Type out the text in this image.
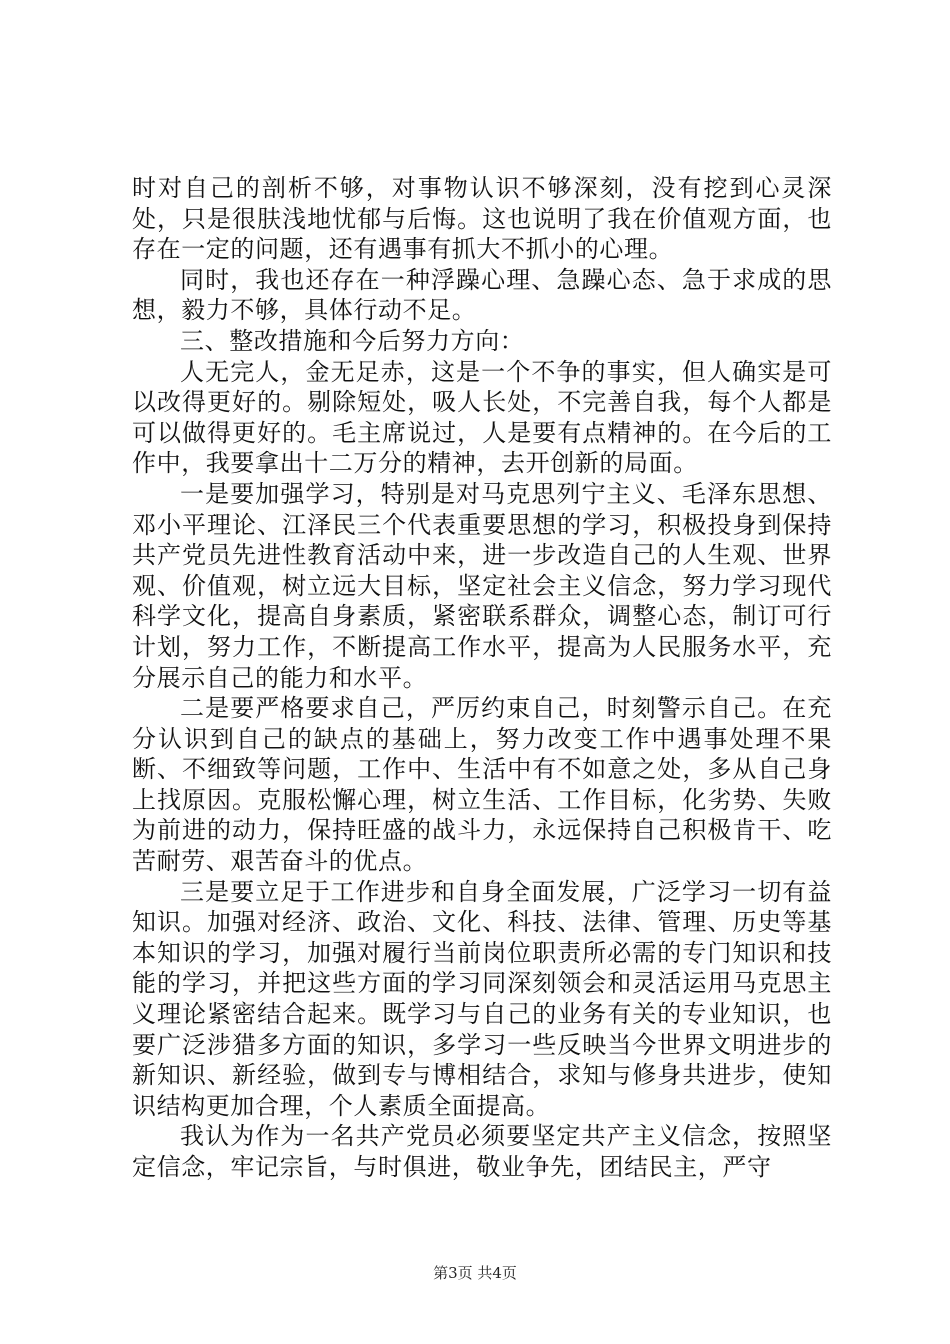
时对自己的剖析不够，对事物认识不够深刻，没有挖到心灵深处，只是很肤浅地忧郁与后悔。这也说明了我在价值观方面，也存在一定的问题，还有遇事有抓大不抓小的心理。

同时，我也还存在一种浮躁心理、急躁心态、急于求成的思想，毅力不够，具体行动不足。

三、整改措施和今后努力方向：

人无完人，金无足赤，这是一个不争的事实，但人确实是可以改得更好的。剔除短处，吸人长处，不完善自我，每个人都是可以做得更好的。毛主席说过，人是要有点精神的。在今后的工作中，我要拿出十二万分的精神，去开创新的局面。

一是要加强学习，特别是对马克思列宁主义、毛泽东思想、邓小平理论、江泽民三个代表重要思想的学习，积极投身到保持共产党员先进性教育活动中来，进一步改造自己的人生观、世界观、价值观，树立远大目标，坚定社会主义信念，努力学习现代科学文化，提高自身素质，紧密联系群众，调整心态，制订可行计划，努力工作，不断提高工作水平，提高为人民服务水平，充分展示自己的能力和水平。

二是要严格要求自己，严厉约束自己，时刻警示自己。在充分认识到自己的缺点的基础上，努力改变工作中遇事处理不果断、不细致等问题，工作中、生活中有不如意之处，多从自己身上找原因。克服松懈心理，树立生活、工作目标，化劣势、失败为前进的动力，保持旺盛的战斗力，永远保持自己积极肯干、吃苦耐劳、艰苦奋斗的优点。

三是要立足于工作进步和自身全面发展，广泛学习一切有益知识。加强对经济、政治、文化、科技、法律、管理、历史等基本知识的学习，加强对履行当前岗位职责所必需的专门知识和技能的学习，并把这些方面的学习同深刻领会和灵活运用马克思主义理论紧密结合起来。既学习与自己的业务有关的专业知识，也要广泛涉猎多方面的知识，多学习一些反映当今世界文明进步的新知识、新经验，做到专与博相结合，求知与修身共进步，使知识结构更加合理，个人素质全面提高。

我认为作为一名共产党员必须要坚定共产主义信念，按照坚定信念，牢记宗旨，与时俱进，敬业争先，团结民主，严守

第3页 共4页
